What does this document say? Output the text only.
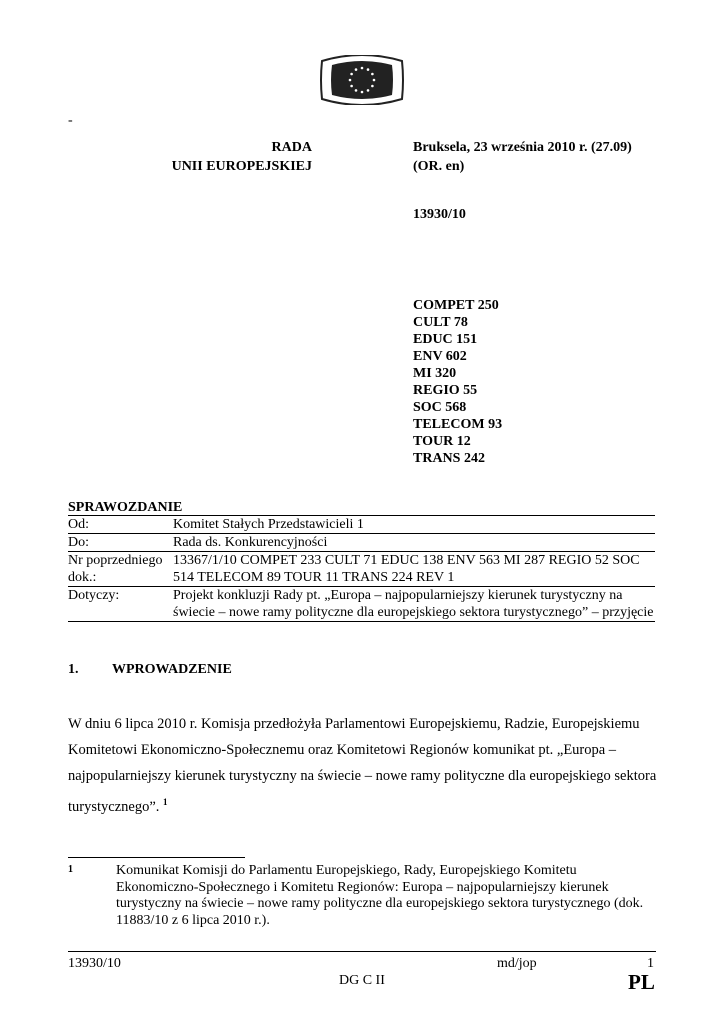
-
RADA
UNII EUROPEJSKIEJ
Bruksela, 23 września 2010 r. (27.09)
(OR. en)
13930/10
COMPET 250
CULT 78
EDUC 151
ENV 602
MI 320
REGIO 55
SOC 568
TELECOM 93
TOUR 12
TRANS 242
SPRAWOZDANIE
Od:	Komitet Stałych Przedstawicieli 1
Do:	Rada ds. Konkurencyjności
Nr poprzedniego dok.:	13367/1/10 COMPET 233 CULT 71 EDUC 138 ENV 563 MI 287 REGIO 52 SOC 514 TELECOM 89 TOUR 11 TRANS 224 REV 1
Dotyczy:	Projekt konkluzji Rady pt. „Europa – najpopularniejszy kierunek turystyczny na świecie – nowe ramy polityczne dla europejskiego sektora turystycznego” – przyjęcie
1. WPROWADZENIE
W dniu 6 lipca 2010 r. Komisja przedłożyła Parlamentowi Europejskiemu, Radzie, Europejskiemu Komitetowi Ekonomiczno-Społecznemu oraz Komitetowi Regionów komunikat pt. „Europa – najpopularniejszy kierunek turystyczny na świecie – nowe ramy polityczne dla europejskiego sektora turystycznego”. $^1$
1	Komunikat Komisji do Parlamentu Europejskiego, Rady, Europejskiego Komitetu Ekonomiczno-Społecznego i Komitetu Regionów: Europa – najpopularniejszy kierunek turystyczny na świecie – nowe ramy polityczne dla europejskiego sektora turystycznego (dok. 11883/10 z 6 lipca 2010 r.).
13930/10	md/jop	1
DG C II	PL
